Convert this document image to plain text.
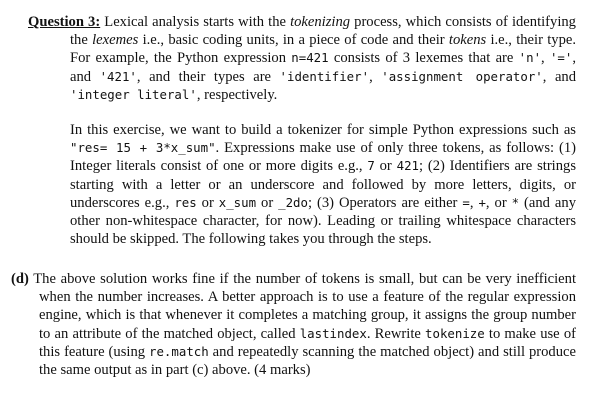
Question 3: Lexical analysis starts with the tokenizing process, which consists of identifying the lexemes i.e., basic coding units, in a piece of code and their tokens i.e., their type. For example, the Python expression n=421 consists of 3 lexemes that are 'n', '=', and '421', and their types are 'identifier', 'assignment operator', and 'integer literal', respectively.

In this exercise, we want to build a tokenizer for simple Python expressions such as "res= 15 + 3*x_sum". Expressions make use of only three tokens, as follows: (1) Integer literals consist of one or more digits e.g., 7 or 421; (2) Identifiers are strings starting with a letter or an underscore and followed by more letters, digits, or underscores e.g., res or x_sum or _2do; (3) Operators are either =, +, or * (and any other non-whitespace character, for now). Leading or trailing whitespace characters should be skipped. The following takes you through the steps.

(d) The above solution works fine if the number of tokens is small, but can be very inefficient when the number increases. A better approach is to use a feature of the regular expression engine, which is that whenever it completes a matching group, it assigns the group number to an attribute of the matched object, called lastindex. Rewrite tokenize to make use of this feature (using re.match and repeatedly scanning the matched object) and still produce the same output as in part (c) above. (4 marks)
